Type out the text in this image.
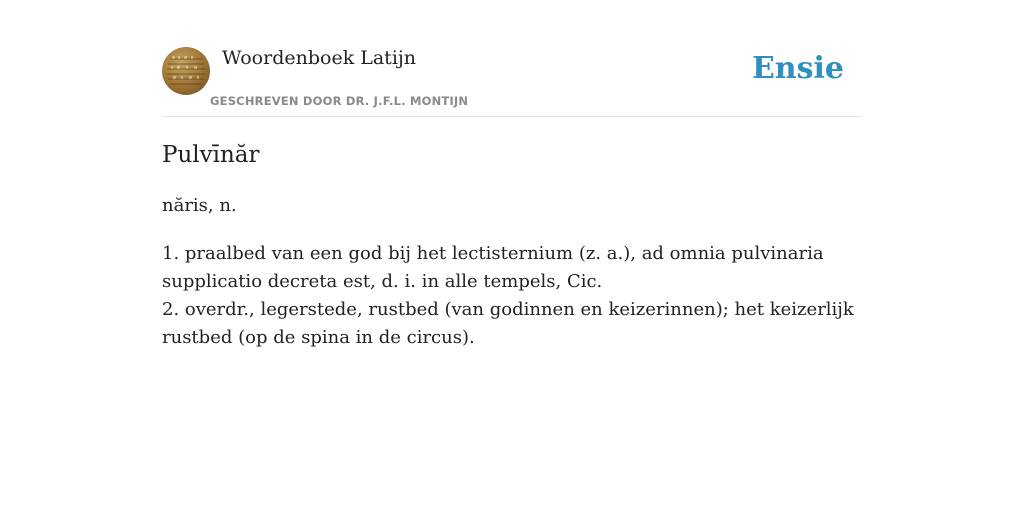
Woordenboek Latijn
GESCHREVEN DOOR DR. J.F.L. MONTIJN
Ensie
Pulvīnăr
năris, n.
1. praalbed van een god bij het lectisternium (z. a.), ad omnia pulvinaria supplicatio decreta est, d. i. in alle tempels, Cic.
2. overdr., legerstede, rustbed (van godinnen en keizerinnen); het keizerlijk rustbed (op de spina in de circus).
